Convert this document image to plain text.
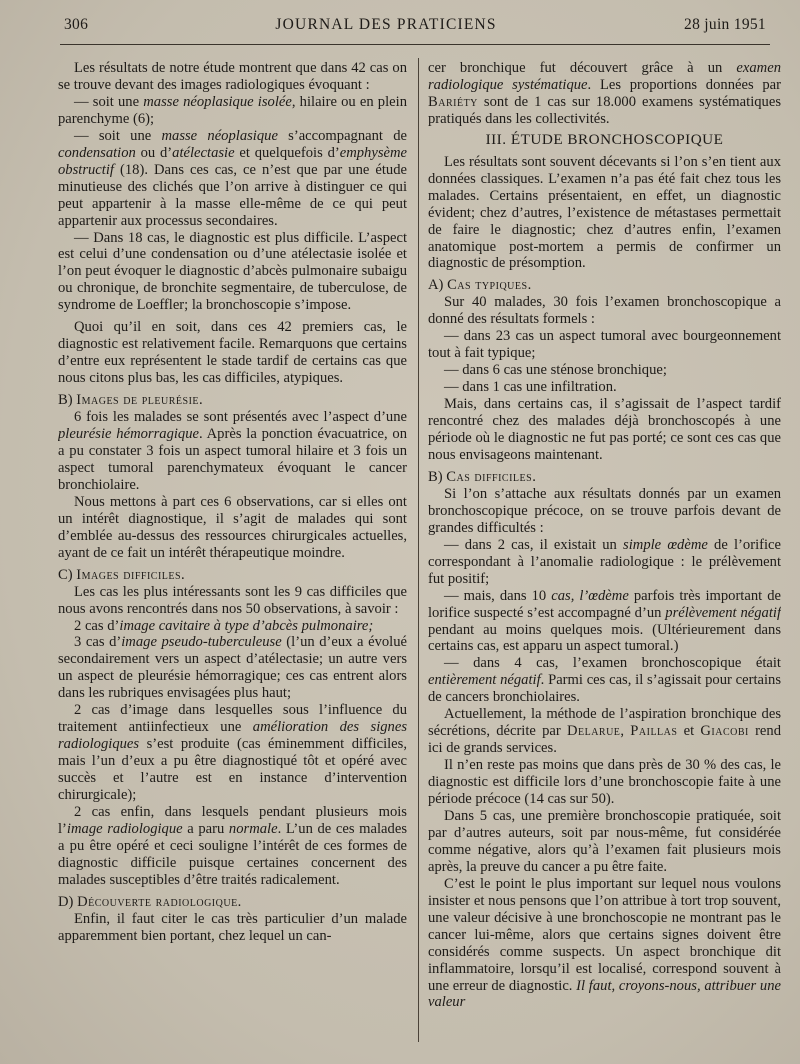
306	JOURNAL DES PRATICIENS	28 juin 1951

Les résultats de notre étude montrent que dans 42 cas on se trouve devant des images radiologiques évoquant :

— soit une masse néoplasique isolée, hilaire ou en plein parenchyme (6);

— soit une masse néoplasique s’accompagnant de condensation ou d’atélectasie et quelquefois d’emphysème obstructif (18). Dans ces cas, ce n’est que par une étude minutieuse des clichés que l’on arrive à distinguer ce qui peut appartenir à la masse elle-même de ce qui peut appartenir aux processus secondaires.

— Dans 18 cas, le diagnostic est plus difficile. L’aspect est celui d’une condensation ou d’une atélectasie isolée et l’on peut évoquer le diagnostic d’abcès pulmonaire subaigu ou chronique, de bronchite segmentaire, de tuberculose, de syndrome de Loeffler; la bronchoscopie s’impose.

Quoi qu’il en soit, dans ces 42 premiers cas, le diagnostic est relativement facile. Remarquons que certains d’entre eux représentent le stade tardif de certains cas que nous citons plus bas, les cas difficiles, atypiques.

B) Images de pleurésie.

6 fois les malades se sont présentés avec l’aspect d’une pleurésie hémorragique. Après la ponction évacuatrice, on a pu constater 3 fois un aspect tumoral hilaire et 3 fois un aspect tumoral parenchymateux évoquant le cancer bronchiolaire.

Nous mettons à part ces 6 observations, car si elles ont un intérêt diagnostique, il s’agit de malades qui sont d’emblée au-dessus des ressources chirurgicales actuelles, ayant de ce fait un intérêt thérapeutique moindre.

C) Images difficiles.

Les cas les plus intéressants sont les 9 cas difficiles que nous avons rencontrés dans nos 50 observations, à savoir :

2 cas d’image cavitaire à type d’abcès pulmonaire;

3 cas d’image pseudo-tuberculeuse (l’un d’eux a évolué secondairement vers un aspect d’atélectasie; un autre vers un aspect de pleurésie hémorragique; ces cas entrent alors dans les rubriques envisagées plus haut;

2 cas d’image dans lesquelles sous l’influence du traitement antiinfectieux une amélioration des signes radiologiques s’est produite (cas éminemment difficiles, mais l’un d’eux a pu être diagnostiqué tôt et opéré avec succès et l’autre est en instance d’intervention chirurgicale);

2 cas enfin, dans lesquels pendant plusieurs mois l’image radiologique a paru normale. L’un de ces malades a pu être opéré et ceci souligne l’intérêt de ces formes de diagnostic difficile puisque certaines concernent des malades susceptibles d’être traités radicalement.

D) Découverte radiologique.

Enfin, il faut citer le cas très particulier d’un malade apparemment bien portant, chez lequel un can-

cer bronchique fut découvert grâce à un examen radiologique systématique. Les proportions données par Bariéty sont de 1 cas sur 18.000 examens systématiques pratiqués dans les collectivités.

III. ÉTUDE BRONCHOSCOPIQUE

Les résultats sont souvent décevants si l’on s’en tient aux données classiques. L’examen n’a pas été fait chez tous les malades. Certains présentaient, en effet, un diagnostic évident; chez d’autres, l’existence de métastases permettait de faire le diagnostic; chez d’autres enfin, l’examen anatomique post-mortem a permis de confirmer un diagnostic de présomption.

A) Cas typiques.

Sur 40 malades, 30 fois l’examen bronchoscopique a donné des résultats formels :

— dans 23 cas un aspect tumoral avec bourgeonnement tout à fait typique;

— dans 6 cas une sténose bronchique;

— dans 1 cas une infiltration.

Mais, dans certains cas, il s’agissait de l’aspect tardif rencontré chez des malades déjà bronchoscopés à une période où le diagnostic ne fut pas porté; ce sont ces cas que nous envisageons maintenant.

B) Cas difficiles.

Si l’on s’attache aux résultats donnés par un examen bronchoscopique précoce, on se trouve parfois devant de grandes difficultés :

— dans 2 cas, il existait un simple œdème de l’orifice correspondant à l’anomalie radiologique : le prélèvement fut positif;

— mais, dans 10 cas, l’œdème parfois très important de lorifice suspecté s’est accompagné d’un prélèvement négatif pendant au moins quelques mois. (Ultérieurement dans certains cas, est apparu un aspect tumoral.)

— dans 4 cas, l’examen bronchoscopique était entièrement négatif. Parmi ces cas, il s’agissait pour certains de cancers bronchiolaires.

Actuellement, la méthode de l’aspiration bronchique des sécrétions, décrite par Delarue, Paillas et Giacobi rend ici de grands services.

Il n’en reste pas moins que dans près de 30 % des cas, le diagnostic est difficile lors d’une bronchoscopie faite à une période précoce (14 cas sur 50).

Dans 5 cas, une première bronchoscopie pratiquée, soit par d’autres auteurs, soit par nous-même, fut considérée comme négative, alors qu’à l’examen fait plusieurs mois après, la preuve du cancer a pu être faite.

C’est le point le plus important sur lequel nous voulons insister et nous pensons que l’on attribue à tort trop souvent, une valeur décisive à une bronchoscopie ne montrant pas le cancer lui-même, alors que certains signes doivent être considérés comme suspects. Un aspect bronchique dit inflammatoire, lorsqu’il est localisé, correspond souvent à une erreur de diagnostic. Il faut, croyons-nous, attribuer une valeur
